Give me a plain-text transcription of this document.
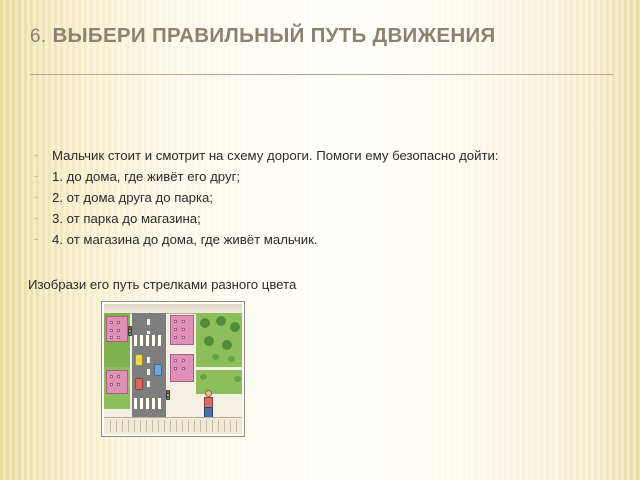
6. ВЫБЕРИ ПРАВИЛЬНЫЙ ПУТЬ ДВИЖЕНИЯ
- Мальчик стоит и смотрит на схему дороги. Помоги ему безопасно дойти:
- 1. до дома, где живёт его друг;
- 2. от дома друга до парка;
- 3. от парка до магазина;
- 4. от магазина до дома, где живёт мальчик.
Изобрази его путь стрелками разного цвета
